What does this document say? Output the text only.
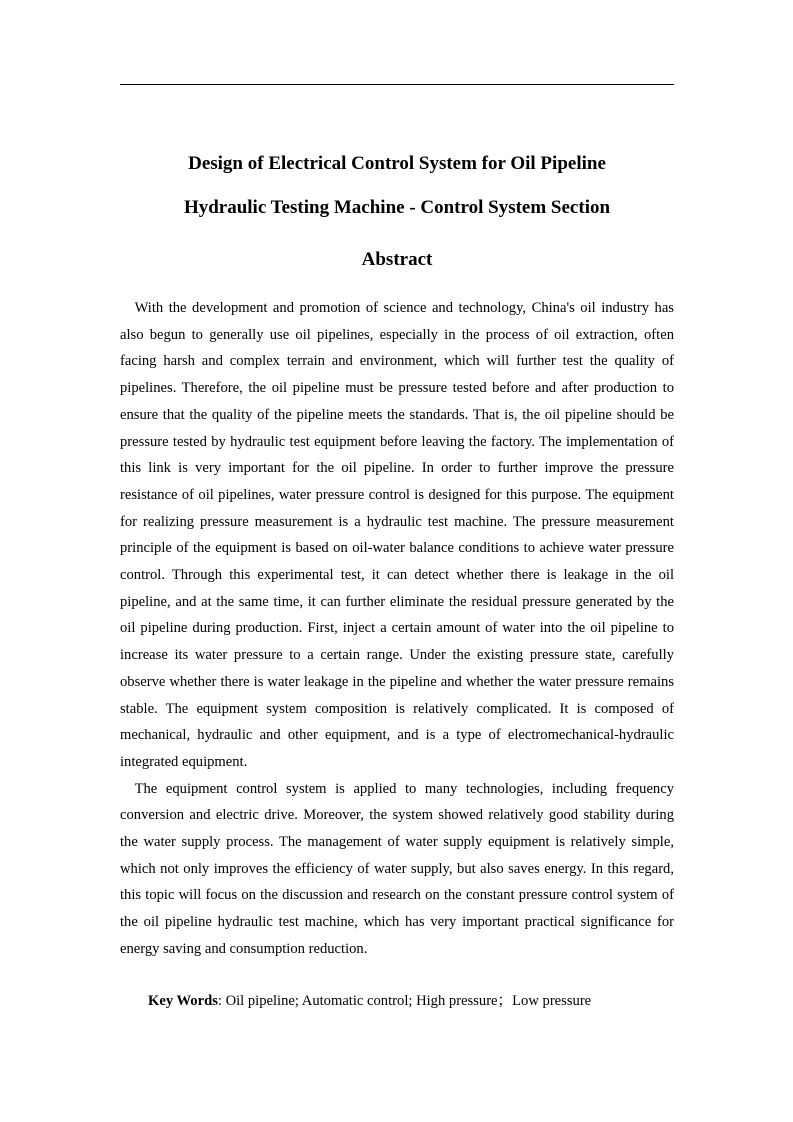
Design of Electrical Control System for Oil Pipeline
Hydraulic Testing Machine - Control System Section
Abstract

With the development and promotion of science and technology, China's oil industry has also begun to generally use oil pipelines, especially in the process of oil extraction, often facing harsh and complex terrain and environment, which will further test the quality of pipelines. Therefore, the oil pipeline must be pressure tested before and after production to ensure that the quality of the pipeline meets the standards. That is, the oil pipeline should be pressure tested by hydraulic test equipment before leaving the factory. The implementation of this link is very important for the oil pipeline. In order to further improve the pressure resistance of oil pipelines, water pressure control is designed for this purpose. The equipment for realizing pressure measurement is a hydraulic test machine. The pressure measurement principle of the equipment is based on oil-water balance conditions to achieve water pressure control. Through this experimental test, it can detect whether there is leakage in the oil pipeline, and at the same time, it can further eliminate the residual pressure generated by the oil pipeline during production. First, inject a certain amount of water into the oil pipeline to increase its water pressure to a certain range. Under the existing pressure state, carefully observe whether there is water leakage in the pipeline and whether the water pressure remains stable. The equipment system composition is relatively complicated. It is composed of mechanical, hydraulic and other equipment, and is a type of electromechanical-hydraulic integrated equipment.

The equipment control system is applied to many technologies, including frequency conversion and electric drive. Moreover, the system showed relatively good stability during the water supply process. The management of water supply equipment is relatively simple, which not only improves the efficiency of water supply, but also saves energy. In this regard, this topic will focus on the discussion and research on the constant pressure control system of the oil pipeline hydraulic test machine, which has very important practical significance for energy saving and consumption reduction.

Key Words: Oil pipeline; Automatic control; High pressure；Low pressure
